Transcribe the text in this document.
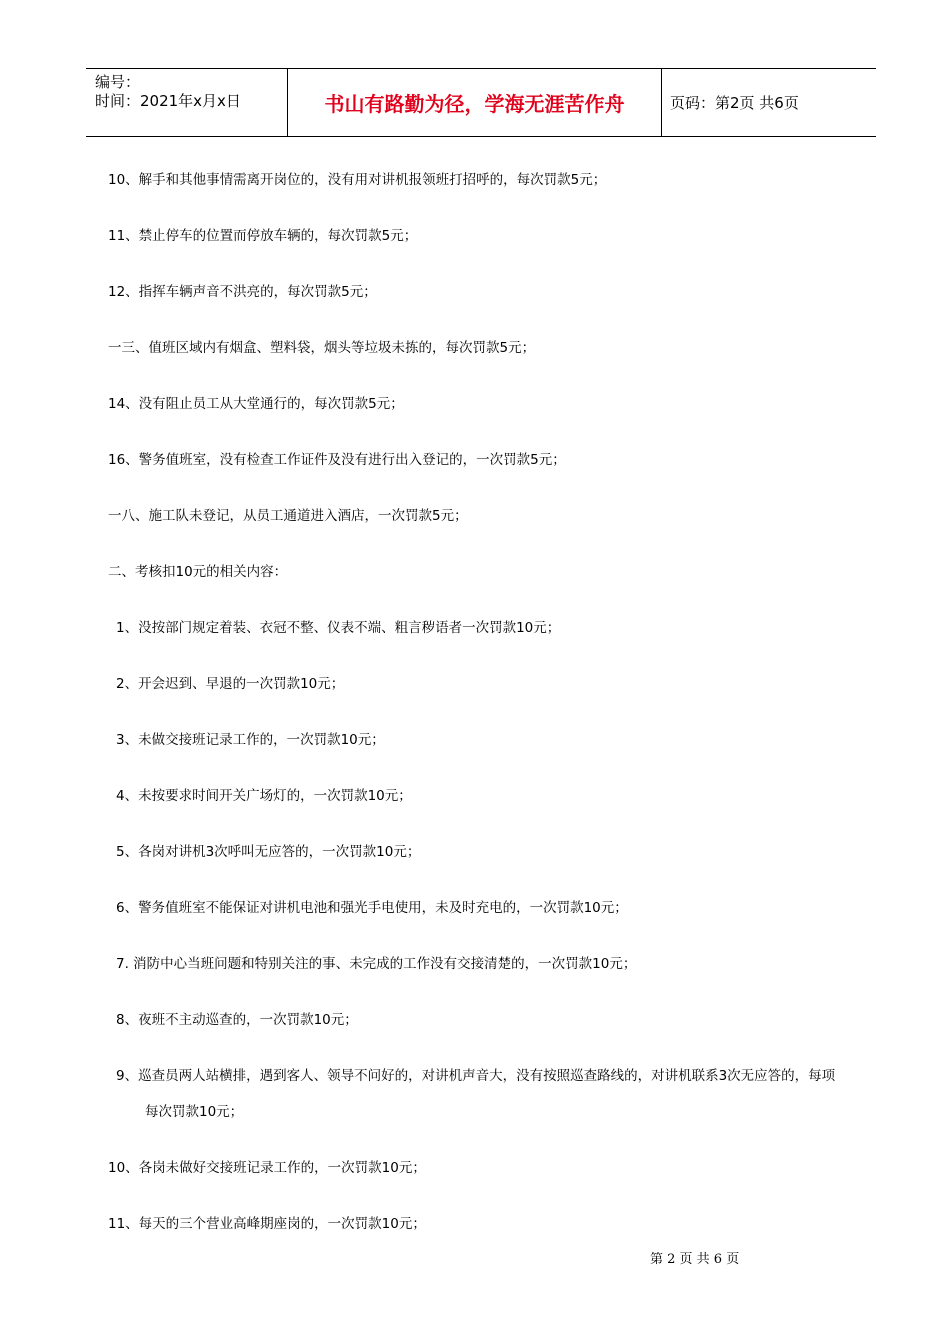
编号：
时间：2021年x月x日	书山有路勤为径，学海无涯苦作舟	页码：第2页 共6页
10、解手和其他事情需离开岗位的，没有用对讲机报领班打招呼的，每次罚款5元；
11、禁止停车的位置而停放车辆的，每次罚款5元；
12、指挥车辆声音不洪亮的，每次罚款5元；
一三、值班区域内有烟盒、塑料袋，烟头等垃圾未拣的，每次罚款5元；
14、没有阻止员工从大堂通行的，每次罚款5元；
16、警务值班室，没有检查工作证件及没有进行出入登记的，一次罚款5元；
一八、施工队未登记，从员工通道进入酒店，一次罚款5元；
二、考核扣10元的相关内容：
1、没按部门规定着装、衣冠不整、仪表不端、粗言秽语者一次罚款10元；
2、开会迟到、早退的一次罚款10元；
3、未做交接班记录工作的，一次罚款10元；
4、未按要求时间开关广场灯的，一次罚款10元；
5、各岗对讲机3次呼叫无应答的，一次罚款10元；
6、警务值班室不能保证对讲机电池和强光手电使用，未及时充电的，一次罚款10元；
7. 消防中心当班问题和特别关注的事、未完成的工作没有交接清楚的，一次罚款10元；
8、夜班不主动巡查的，一次罚款10元；
9、巡查员两人站横排，遇到客人、领导不问好的，对讲机声音大，没有按照巡查路线的，对讲机联系3次无应答的，每项
每次罚款10元；
10、各岗未做好交接班记录工作的，一次罚款10元；
11、每天的三个营业高峰期座岗的，一次罚款10元；
第 2 页 共 6 页
